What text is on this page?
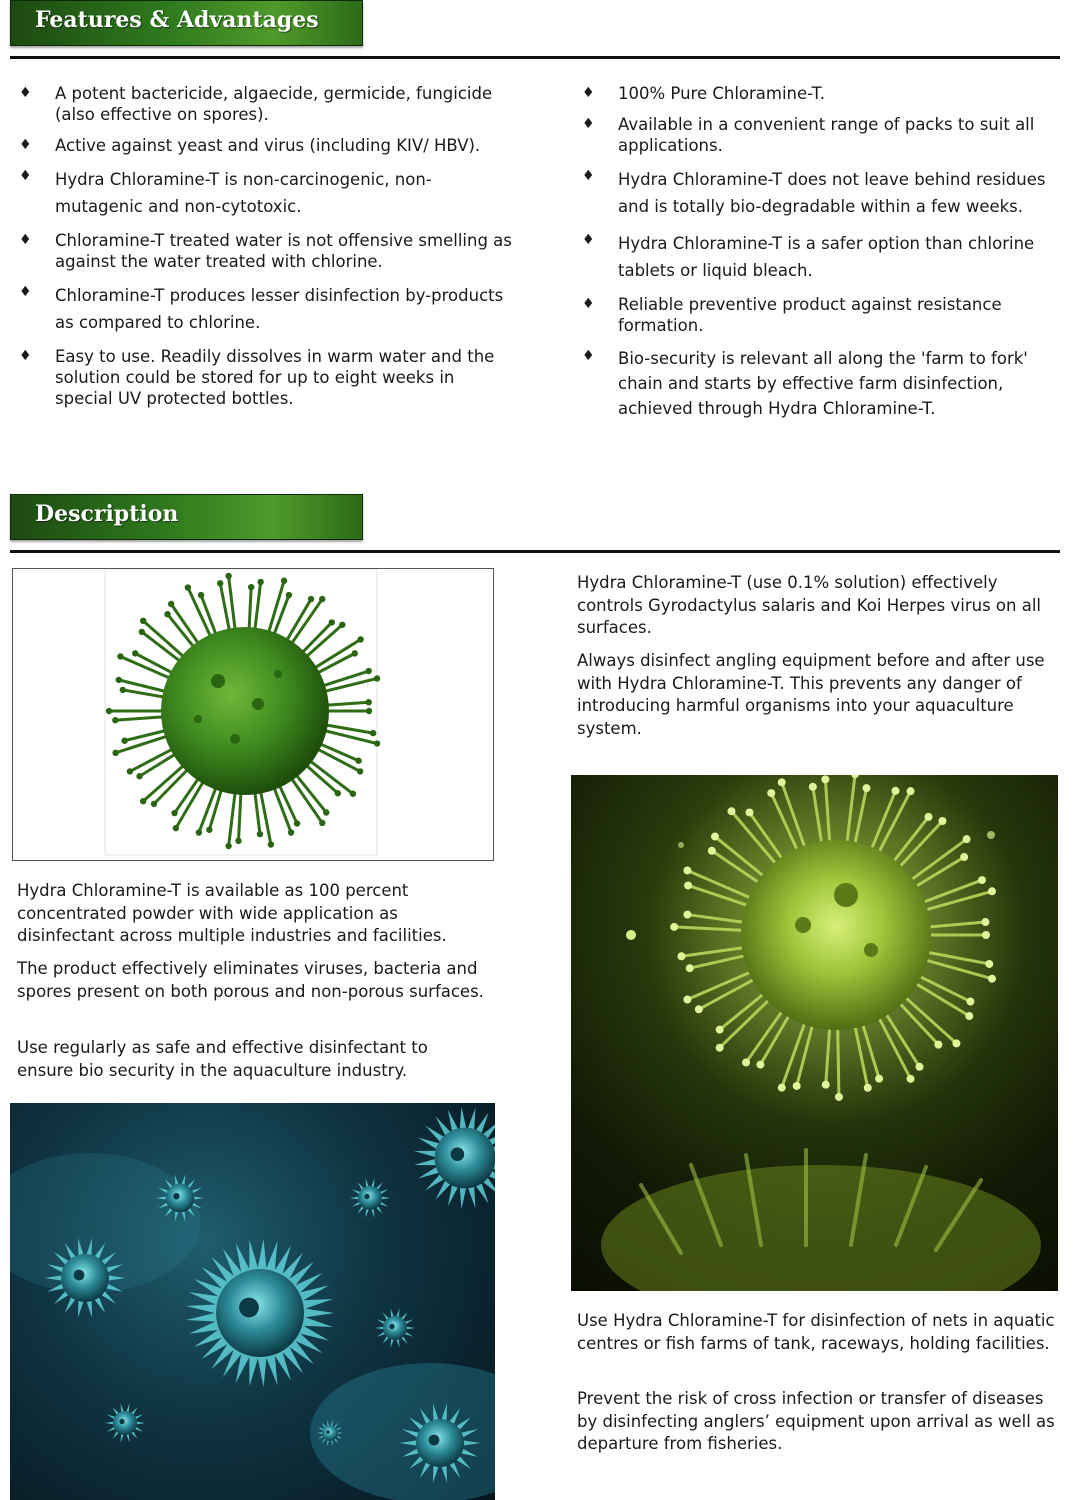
Features & Advantages
♦ A potent bactericide, algaecide, germicide, fungicide (also effective on spores).
♦ Active against yeast and virus (including KIV/ HBV).
♦ Hydra Chloramine-T is non-carcinogenic, non-mutagenic and non-cytotoxic.
♦ Chloramine-T treated water is not offensive smelling as against the water treated with chlorine.
♦ Chloramine-T produces lesser disinfection by-products as compared to chlorine.
♦ Easy to use. Readily dissolves in warm water and the solution could be stored for up to eight weeks in special UV protected bottles.
♦ 100% Pure Chloramine-T.
♦ Available in a convenient range of packs to suit all applications.
♦ Hydra Chloramine-T does not leave behind residues and is totally bio-degradable within a few weeks.
♦ Hydra Chloramine-T is a safer option than chlorine tablets or liquid bleach.
♦ Reliable preventive product against resistance formation.
♦ Bio-security is relevant all along the 'farm to fork' chain and starts by effective farm disinfection, achieved through Hydra Chloramine-T.
Description

Hydra Chloramine-T (use 0.1% solution) effectively controls Gyrodactylus salaris and Koi Herpes virus on all surfaces.

Always disinfect angling equipment before and after use with Hydra Chloramine-T. This prevents any danger of introducing harmful organisms into your aquaculture system.

Hydra Chloramine-T is available as 100 percent concentrated powder with wide application as disinfectant across multiple industries and facilities.

The product effectively eliminates viruses, bacteria and spores present on both porous and non-porous surfaces.

Use regularly as safe and effective disinfectant to ensure bio security in the aquaculture industry.

Use Hydra Chloramine-T for disinfection of nets in aquatic centres or fish farms of tank, raceways, holding facilities.

Prevent the risk of cross infection or transfer of diseases by disinfecting anglers’ equipment upon arrival as well as departure from fisheries.
